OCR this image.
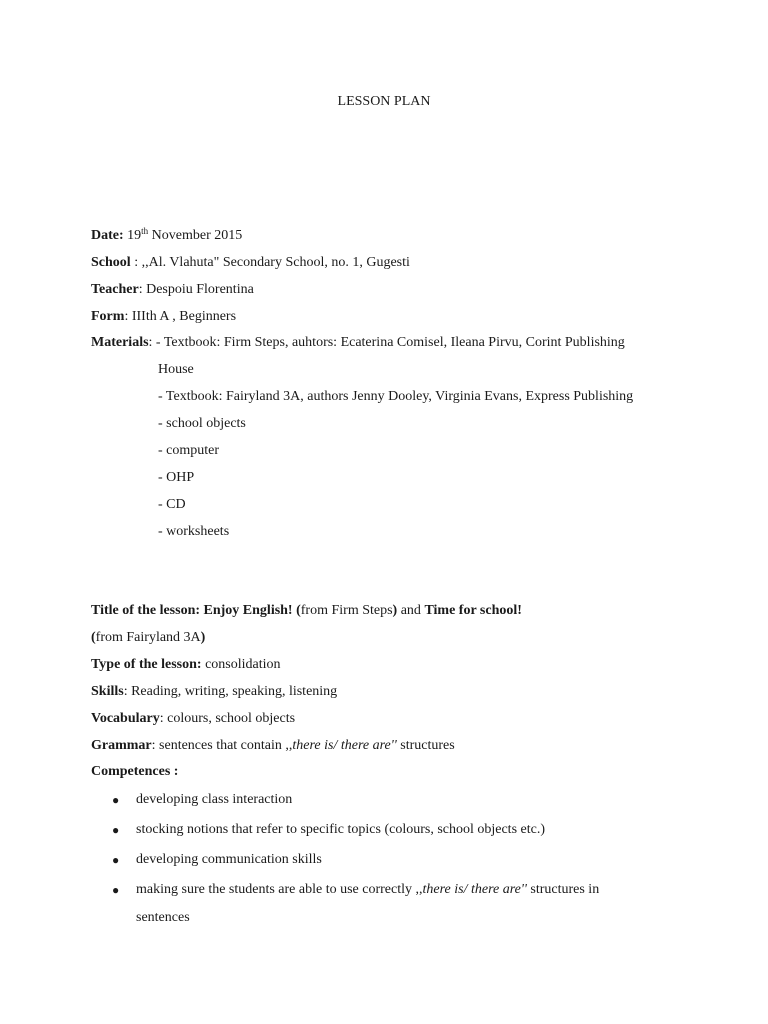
LESSON PLAN
Date: 19th November 2015
School : ,,Al. Vlahuta" Secondary School, no. 1, Gugesti
Teacher: Despoiu Florentina
Form: IIIth A , Beginners
Materials: - Textbook: Firm Steps, auhtors: Ecaterina Comisel, Ileana Pirvu, Corint Publishing
House
- Textbook: Fairyland 3A, authors Jenny Dooley, Virginia Evans, Express Publishing
- school objects
- computer
- OHP
- CD
- worksheets
Title of the lesson: Enjoy English! (from Firm Steps) and Time for school!
(from Fairyland 3A)
Type of the lesson: consolidation
Skills: Reading, writing, speaking, listening
Vocabulary: colours, school objects
Grammar: sentences that contain ,,there is/ there are'' structures
Competences :
● developing class interaction
● stocking notions that refer to specific topics (colours, school objects etc.)
● developing communication skills
● making sure the students are able to use correctly ,,there is/ there are'' structures in
sentences
